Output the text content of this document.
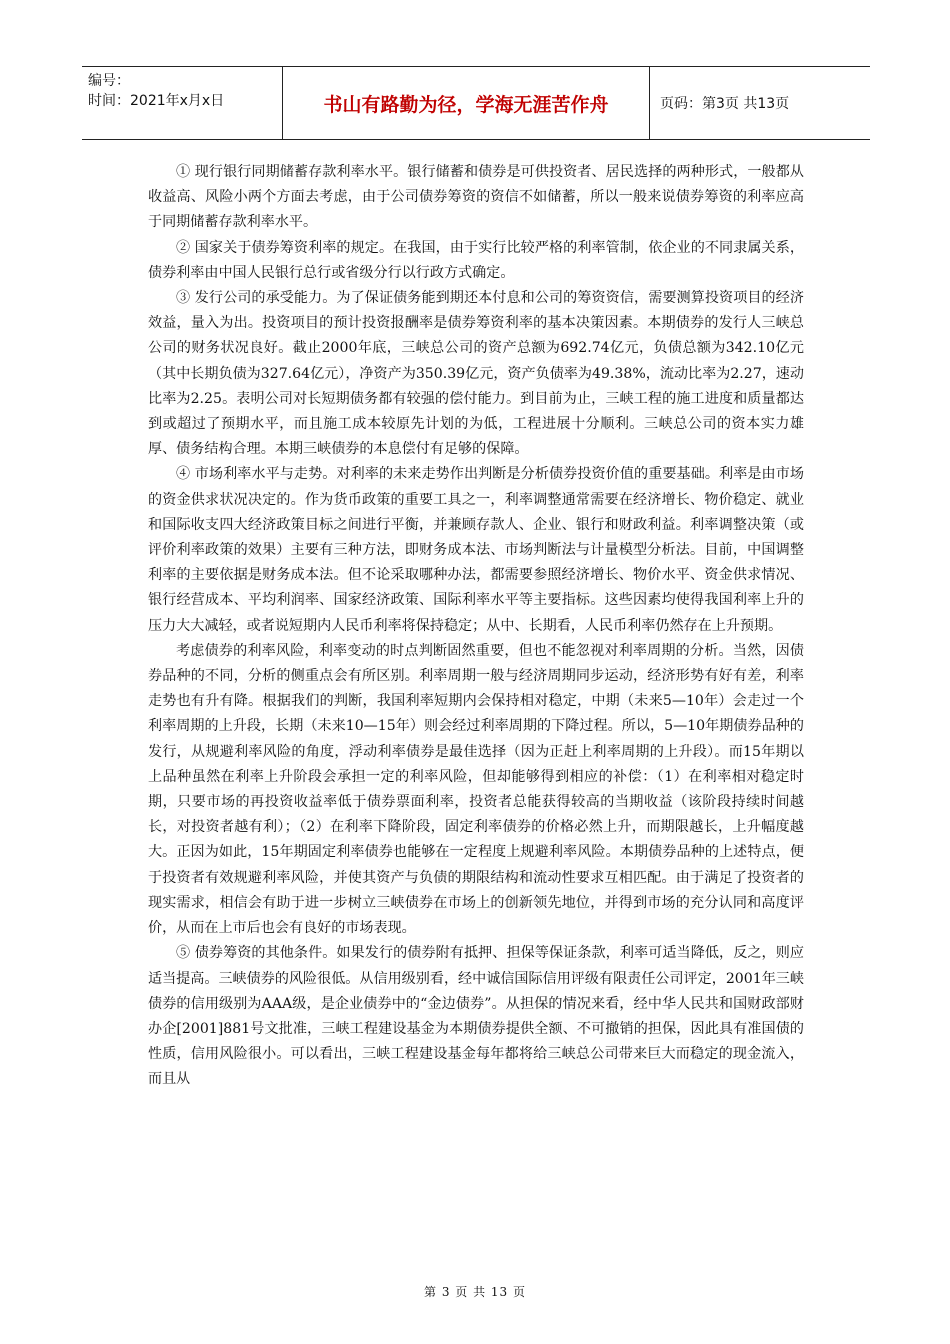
编号：
时间：2021年x月x日	书山有路勤为径，学海无涯苦作舟	页码：第3页 共13页

① 现行银行同期储蓄存款利率水平。银行储蓄和债券是可供投资者、居民选择的两种形式，一般都从收益高、风险小两个方面去考虑，由于公司债券筹资的资信不如储蓄，所以一般来说债券筹资的利率应高于同期储蓄存款利率水平。

② 国家关于债券筹资利率的规定。在我国，由于实行比较严格的利率管制，依企业的不同隶属关系，债券利率由中国人民银行总行或省级分行以行政方式确定。

③ 发行公司的承受能力。为了保证债务能到期还本付息和公司的筹资资信，需要测算投资项目的经济效益，量入为出。投资项目的预计投资报酬率是债券筹资利率的基本决策因素。本期债券的发行人三峡总公司的财务状况良好。截止2000年底，三峡总公司的资产总额为692.74亿元，负债总额为342.10亿元（其中长期负债为327.64亿元），净资产为350.39亿元，资产负债率为49.38%，流动比率为2.27，速动比率为2.25。表明公司对长短期债务都有较强的偿付能力。到目前为止，三峡工程的施工进度和质量都达到或超过了预期水平，而且施工成本较原先计划的为低，工程进展十分顺利。三峡总公司的资本实力雄厚、债务结构合理。本期三峡债券的本息偿付有足够的保障。

④ 市场利率水平与走势。对利率的未来走势作出判断是分析债券投资价值的重要基础。利率是由市场的资金供求状况决定的。作为货币政策的重要工具之一，利率调整通常需要在经济增长、物价稳定、就业和国际收支四大经济政策目标之间进行平衡，并兼顾存款人、企业、银行和财政利益。利率调整决策（或评价利率政策的效果）主要有三种方法，即财务成本法、市场判断法与计量模型分析法。目前，中国调整利率的主要依据是财务成本法。但不论采取哪种办法，都需要参照经济增长、物价水平、资金供求情况、银行经营成本、平均利润率、国家经济政策、国际利率水平等主要指标。这些因素均使得我国利率上升的压力大大减轻，或者说短期内人民币利率将保持稳定；从中、长期看，人民币利率仍然存在上升预期。

考虑债券的利率风险，利率变动的时点判断固然重要，但也不能忽视对利率周期的分析。当然，因债券品种的不同，分析的侧重点会有所区别。利率周期一般与经济周期同步运动，经济形势有好有差，利率走势也有升有降。根据我们的判断，我国利率短期内会保持相对稳定，中期（未来5—10年）会走过一个利率周期的上升段，长期（未来10—15年）则会经过利率周期的下降过程。所以，5—10年期债券品种的发行，从规避利率风险的角度，浮动利率债券是最佳选择（因为正赶上利率周期的上升段）。而15年期以上品种虽然在利率上升阶段会承担一定的利率风险，但却能够得到相应的补偿：（1）在利率相对稳定时期，只要市场的再投资收益率低于债券票面利率，投资者总能获得较高的当期收益（该阶段持续时间越长，对投资者越有利）；（2）在利率下降阶段，固定利率债券的价格必然上升，而期限越长，上升幅度越大。正因为如此，15年期固定利率债券也能够在一定程度上规避利率风险。本期债券品种的上述特点，便于投资者有效规避利率风险，并使其资产与负债的期限结构和流动性要求互相匹配。由于满足了投资者的现实需求，相信会有助于进一步树立三峡债券在市场上的创新领先地位，并得到市场的充分认同和高度评价，从而在上市后也会有良好的市场表现。

⑤ 债券筹资的其他条件。如果发行的债券附有抵押、担保等保证条款，利率可适当降低，反之，则应适当提高。三峡债券的风险很低。从信用级别看，经中诚信国际信用评级有限责任公司评定，2001年三峡债券的信用级别为AAA级，是企业债券中的“金边债券”。从担保的情况来看，经中华人民共和国财政部财办企[2001]881号文批准，三峡工程建设基金为本期债券提供全额、不可撤销的担保，因此具有准国债的性质，信用风险很小。可以看出，三峡工程建设基金每年都将给三峡总公司带来巨大而稳定的现金流入，而且从

第 3 页 共 13 页
